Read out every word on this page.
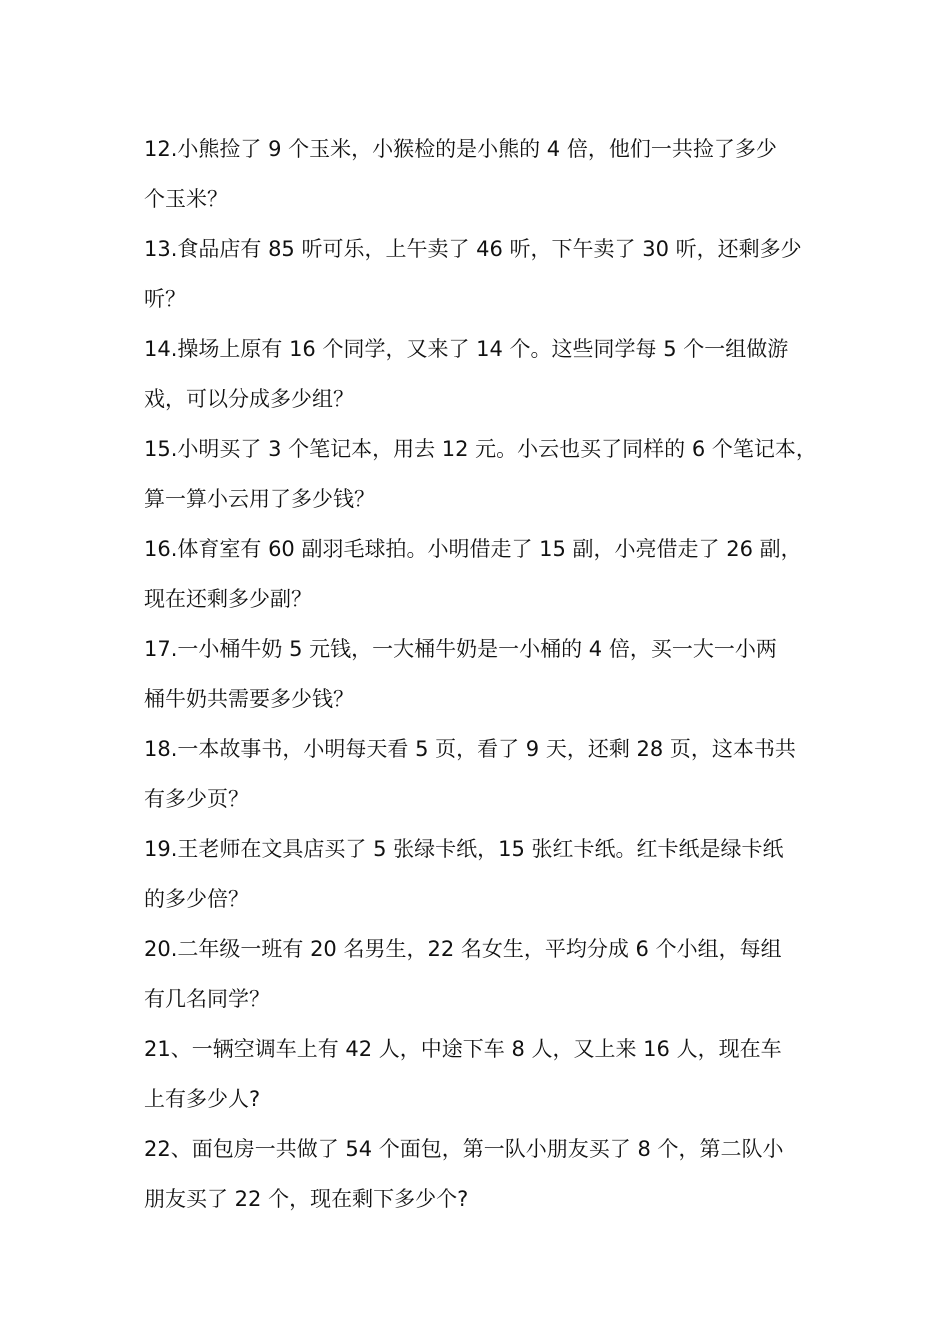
12.小熊捡了 9 个玉米，小猴检的是小熊的 4 倍，他们一共捡了多少
个玉米？
13.食品店有 85 听可乐，上午卖了 46 听，下午卖了 30 听，还剩多少
听？
14.操场上原有 16 个同学，又来了 14 个。这些同学每 5 个一组做游
戏，可以分成多少组？
15.小明买了 3 个笔记本，用去 12 元。小云也买了同样的 6 个笔记本，
算一算小云用了多少钱？
16.体育室有 60 副羽毛球拍。小明借走了 15 副，小亮借走了 26 副，
现在还剩多少副？
17.一小桶牛奶 5 元钱，一大桶牛奶是一小桶的 4 倍，买一大一小两
桶牛奶共需要多少钱？
18.一本故事书，小明每天看 5 页，看了 9 天，还剩 28 页，这本书共
有多少页？
19.王老师在文具店买了 5 张绿卡纸，15 张红卡纸。红卡纸是绿卡纸
的多少倍？
20.二年级一班有 20 名男生，22 名女生，平均分成 6 个小组，每组
有几名同学？
21、一辆空调车上有 42 人，中途下车 8 人，又上来 16 人，现在车
上有多少人?
22、面包房一共做了 54 个面包，第一队小朋友买了 8 个，第二队小
朋友买了 22 个，现在剩下多少个?
